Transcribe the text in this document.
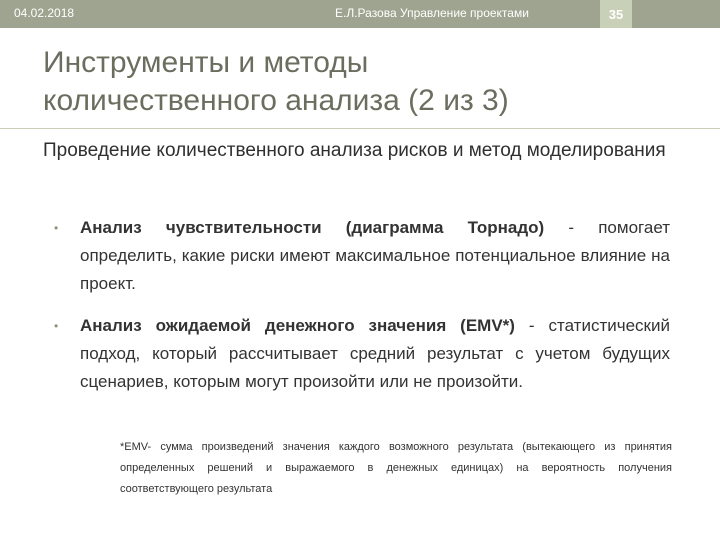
04.02.2018	Е.Л.Разова Управление проектами	35
Инструменты и методы
количественного анализа (2 из 3)

Проведение количественного анализа рисков и метод моделирования

• Анализ чувствительности (диаграмма Торнадо) - помогает определить, какие риски имеют максимальное потенциальное влияние на проект.
• Анализ ожидаемой денежного значения (EMV*) - статистический подход, который рассчитывает средний результат с учетом будущих сценариев, которым могут произойти или не произойти.

*EMV- сумма произведений значения каждого возможного результата (вытекающего из принятия определенных решений и выражаемого в денежных единицах) на вероятность получения соответствующего результата
